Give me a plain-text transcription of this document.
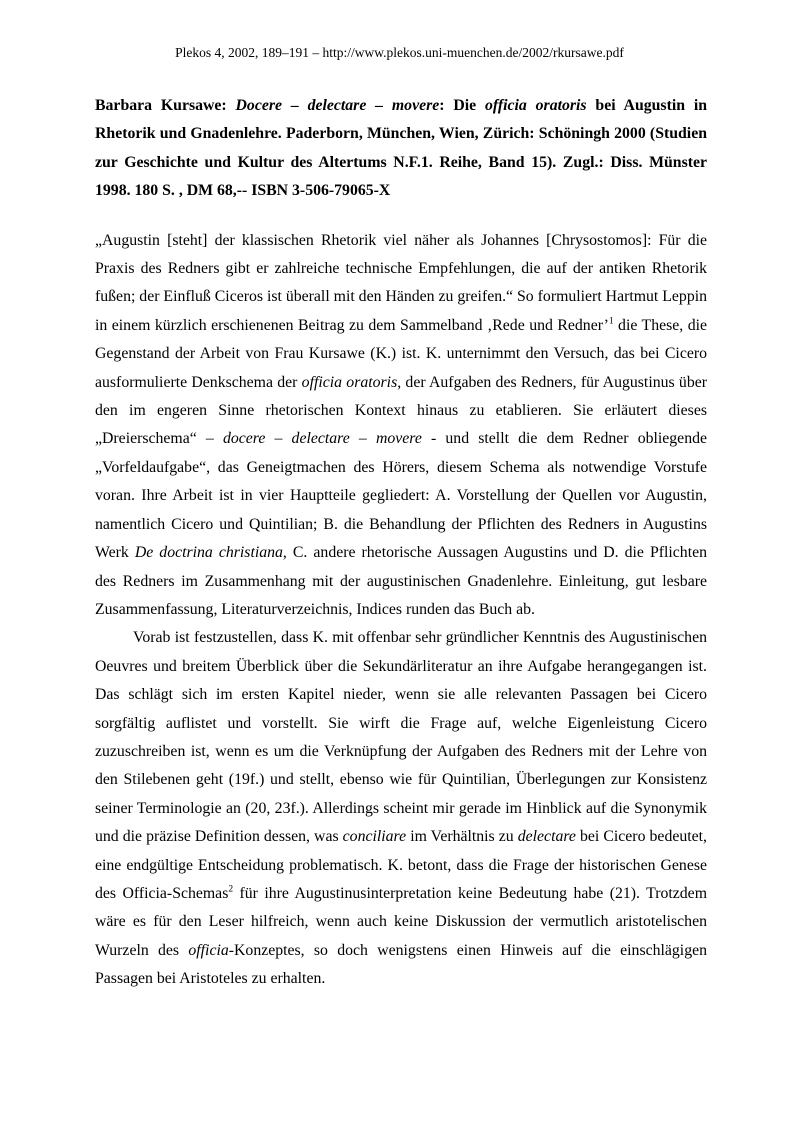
Plekos 4, 2002, 189–191 – http://www.plekos.uni-muenchen.de/2002/rkursawe.pdf

Barbara Kursawe: Docere – delectare – movere: Die officia oratoris bei Augustin in Rhetorik und Gnadenlehre. Paderborn, München, Wien, Zürich: Schöningh 2000 (Studien zur Geschichte und Kultur des Altertums N.F.1. Reihe, Band 15). Zugl.: Diss. Münster 1998. 180 S. , DM 68,-- ISBN 3-506-79065-X

„Augustin [steht] der klassischen Rhetorik viel näher als Johannes [Chrysostomos]: Für die Praxis des Redners gibt er zahlreiche technische Empfehlungen, die auf der antiken Rhetorik fußen; der Einfluß Ciceros ist überall mit den Händen zu greifen.“ So formuliert Hartmut Leppin in einem kürzlich erschienenen Beitrag zu dem Sammelband ‚Rede und Redner’$^1$ die These, die Gegenstand der Arbeit von Frau Kursawe (K.) ist. K. unternimmt den Versuch, das bei Cicero ausformulierte Denkschema der officia oratoris, der Aufgaben des Redners, für Augustinus über den im engeren Sinne rhetorischen Kontext hinaus zu etablieren. Sie erläutert dieses „Dreierschema“ – docere – delectare – movere - und stellt die dem Redner obliegende „Vorfeldaufgabe“, das Geneigtmachen des Hörers, diesem Schema als notwendige Vorstufe voran. Ihre Arbeit ist in vier Hauptteile gegliedert: A. Vorstellung der Quellen vor Augustin, namentlich Cicero und Quintilian; B. die Behandlung der Pflichten des Redners in Augustins Werk De doctrina christiana, C. andere rhetorische Aussagen Augustins und D. die Pflichten des Redners im Zusammenhang mit der augustinischen Gnadenlehre. Einleitung, gut lesbare Zusammenfassung, Literaturverzeichnis, Indices runden das Buch ab.

Vorab ist festzustellen, dass K. mit offenbar sehr gründlicher Kenntnis des Augustinischen Oeuvres und breitem Überblick über die Sekundärliteratur an ihre Aufgabe herangegangen ist. Das schlägt sich im ersten Kapitel nieder, wenn sie alle relevanten Passagen bei Cicero sorgfältig auflistet und vorstellt. Sie wirft die Frage auf, welche Eigenleistung Cicero zuzuschreiben ist, wenn es um die Verknüpfung der Aufgaben des Redners mit der Lehre von den Stilebenen geht (19f.) und stellt, ebenso wie für Quintilian, Überlegungen zur Konsistenz seiner Terminologie an (20, 23f.). Allerdings scheint mir gerade im Hinblick auf die Synonymik und die präzise Definition dessen, was conciliare im Verhältnis zu delectare bei Cicero bedeutet, eine endgültige Entscheidung problematisch. K. betont, dass die Frage der historischen Genese des Officia-Schemas$^2$ für ihre Augustinusinterpretation keine Bedeutung habe (21). Trotzdem wäre es für den Leser hilfreich, wenn auch keine Diskussion der vermutlich aristotelischen Wurzeln des officia-Konzeptes, so doch wenigstens einen Hinweis auf die einschlägigen Passagen bei Aristoteles zu erhalten.
